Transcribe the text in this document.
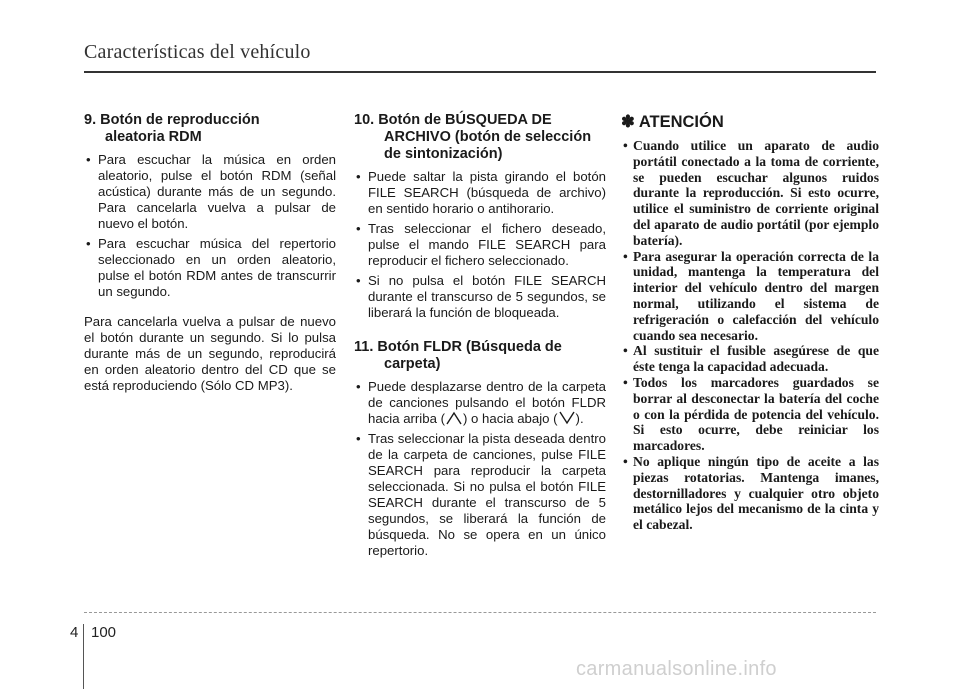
Características del vehículo

9. Botón de reproducción
aleatoria RDM

• Para escuchar la música en orden aleatorio, pulse el botón RDM (señal acústica) durante más de un segundo. Para cancelarla vuelva a pulsar de nuevo el botón.
• Para escuchar música del repertorio seleccionado en un orden aleatorio, pulse el botón RDM antes de transcurrir un segundo.
Para cancelarla vuelva a pulsar de nuevo el botón durante un segundo. Si lo pulsa durante más de un segundo, reproducirá en orden aleatorio dentro del CD que se está reproduciendo (Sólo CD MP3).

10. Botón de BÚSQUEDA DE
ARCHIVO (botón de selección
de sintonización)

• Puede saltar la pista girando el botón FILE SEARCH (búsqueda de archivo) en sentido horario o antihorario.
• Tras seleccionar el fichero deseado, pulse el mando FILE SEARCH para reproducir el fichero seleccionado.
• Si no pulsa el botón FILE SEARCH durante el transcurso de 5 segundos, se liberará la función de bloqueada.

11. Botón FLDR (Búsqueda de
carpeta)

• Puede desplazarse dentro de la carpeta de canciones pulsando el botón FLDR hacia arriba ( ) o hacia abajo ( ).
• Tras seleccionar la pista deseada dentro de la carpeta de canciones, pulse FILE SEARCH para reproducir la carpeta seleccionada. Si no pulsa el botón FILE SEARCH durante el transcurso de 5 segundos, se liberará la función de búsqueda. No se opera en un único repertorio.

✽ ATENCIÓN

• Cuando utilice un aparato de audio portátil conectado a la toma de corriente, se pueden escuchar algunos ruidos durante la reproducción. Si esto ocurre, utilice el suministro de corriente original del aparato de audio portátil (por ejemplo batería).
• Para asegurar la operación correcta de la unidad, mantenga la temperatura del interior del vehículo dentro del margen normal, utilizando el sistema de refrigeración o calefacción del vehículo cuando sea necesario.
• Al sustituir el fusible asegúrese de que éste tenga la capacidad adecuada.
• Todos los marcadores guardados se borrar al desconectar la batería del coche o con la pérdida de potencia del vehículo. Si esto ocurre, debe reiniciar los marcadores.
• No aplique ningún tipo de aceite a las piezas rotatorias. Mantenga imanes, destornilladores y cualquier otro objeto metálico lejos del mecanismo de la cinta y el cabezal.
4 100
carmanualsonline.info
